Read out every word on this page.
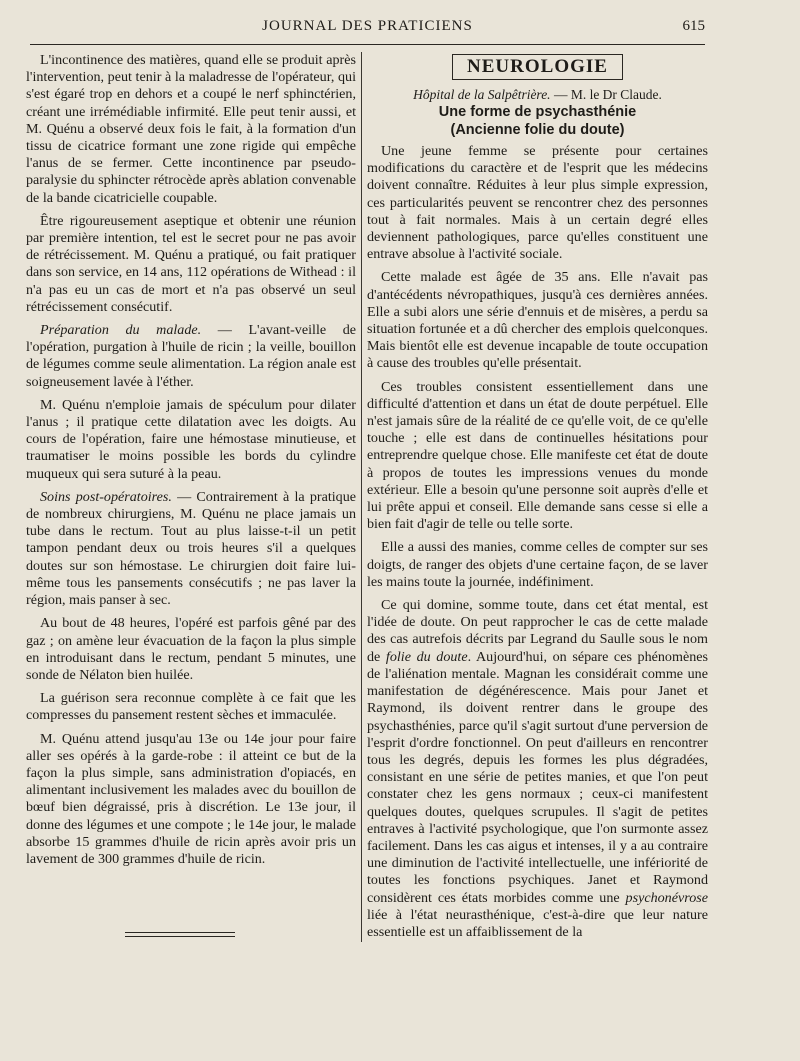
JOURNAL DES PRATICIENS	615

L'incontinence des matières, quand elle se produit après l'intervention, peut tenir à la maladresse de l'opérateur, qui s'est égaré trop en dehors et a coupé le nerf sphinctérien, créant une irrémédiable infirmité. Elle peut tenir aussi, et M. Quénu a observé deux fois le fait, à la formation d'un tissu de cicatrice formant une zone rigide qui empêche l'anus de se fermer. Cette incontinence par pseudo-paralysie du sphincter rétrocède après ablation convenable de la bande cicatricielle coupable.

Être rigoureusement aseptique et obtenir une réunion par première intention, tel est le secret pour ne pas avoir de rétrécissement. M. Quénu a pratiqué, ou fait pratiquer dans son service, en 14 ans, 112 opérations de Withead : il n'a pas eu un cas de mort et n'a pas observé un seul rétrécissement consécutif.

Préparation du malade. — L'avant-veille de l'opération, purgation à l'huile de ricin ; la veille, bouillon de légumes comme seule alimentation. La région anale est soigneusement lavée à l'éther.

M. Quénu n'emploie jamais de spéculum pour dilater l'anus ; il pratique cette dilatation avec les doigts. Au cours de l'opération, faire une hémostase minutieuse, et traumatiser le moins possible les bords du cylindre muqueux qui sera suturé à la peau.

Soins post-opératoires. — Contrairement à la pratique de nombreux chirurgiens, M. Quénu ne place jamais un tube dans le rectum. Tout au plus laisse-t-il un petit tampon pendant deux ou trois heures s'il a quelques doutes sur son hémostase. Le chirurgien doit faire lui-même tous les pansements consécutifs ; ne pas laver la région, mais panser à sec.

Au bout de 48 heures, l'opéré est parfois gêné par des gaz ; on amène leur évacuation de la façon la plus simple en introduisant dans le rectum, pendant 5 minutes, une sonde de Nélaton bien huilée.

La guérison sera reconnue complète à ce fait que les compresses du pansement restent sèches et immaculée.

M. Quénu attend jusqu'au 13e ou 14e jour pour faire aller ses opérés à la garde-robe : il atteint ce but de la façon la plus simple, sans administration d'opiacés, en alimentant inclusivement les malades avec du bouillon de bœuf bien dégraissé, pris à discrétion. Le 13e jour, il donne des légumes et une compote ; le 14e jour, le malade absorbe 15 grammes d'huile de ricin après avoir pris un lavement de 300 grammes d'huile de ricin.

NEUROLOGIE
Hôpital de la Salpêtrière. — M. le Dr Claude.
Une forme de psychasthénie
(Ancienne folie du doute)

Une jeune femme se présente pour certaines modifications du caractère et de l'esprit que les médecins doivent connaître. Réduites à leur plus simple expression, ces particularités peuvent se rencontrer chez des personnes tout à fait normales. Mais à un certain degré elles deviennent pathologiques, parce qu'elles constituent une entrave absolue à l'activité sociale.

Cette malade est âgée de 35 ans. Elle n'avait pas d'antécédents névropathiques, jusqu'à ces dernières années. Elle a subi alors une série d'ennuis et de misères, a perdu sa situation fortunée et a dû chercher des emplois quelconques. Mais bientôt elle est devenue incapable de toute occupation à cause des troubles qu'elle présentait.

Ces troubles consistent essentiellement dans une difficulté d'attention et dans un état de doute perpétuel. Elle n'est jamais sûre de la réalité de ce qu'elle voit, de ce qu'elle touche ; elle est dans de continuelles hésitations pour entreprendre quelque chose. Elle manifeste cet état de doute à propos de toutes les impressions venues du monde extérieur. Elle a besoin qu'une personne soit auprès d'elle et lui prête appui et conseil. Elle demande sans cesse si elle a bien fait d'agir de telle ou telle sorte.

Elle a aussi des manies, comme celles de compter sur ses doigts, de ranger des objets d'une certaine façon, de se laver les mains toute la journée, indéfiniment.

Ce qui domine, somme toute, dans cet état mental, est l'idée de doute. On peut rapprocher le cas de cette malade des cas autrefois décrits par Legrand du Saulle sous le nom de folie du doute. Aujourd'hui, on sépare ces phénomènes de l'aliénation mentale. Magnan les considérait comme une manifestation de dégénérescence. Mais pour Janet et Raymond, ils doivent rentrer dans le groupe des psychasthénies, parce qu'il s'agit surtout d'une perversion de l'esprit d'ordre fonctionnel. On peut d'ailleurs en rencontrer tous les degrés, depuis les formes les plus dégradées, consistant en une série de petites manies, et que l'on peut constater chez les gens normaux ; ceux-ci manifestent quelques doutes, quelques scrupules. Il s'agit de petites entraves à l'activité psychologique, que l'on surmonte assez facilement. Dans les cas aigus et intenses, il y a au contraire une diminution de l'activité intellectuelle, une infériorité de toutes les fonctions psychiques. Janet et Raymond considèrent ces états morbides comme une psychonévrose liée à l'état neurasthénique, c'est-à-dire que leur nature essentielle est un affaiblissement de la
